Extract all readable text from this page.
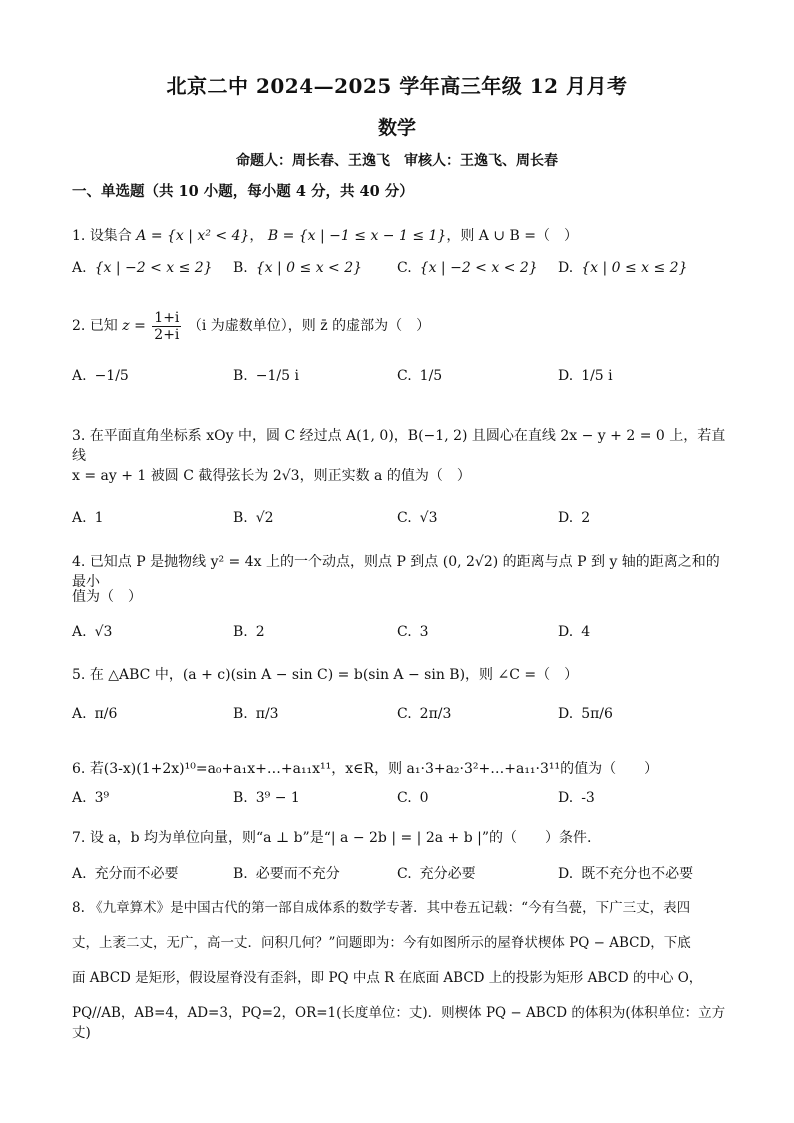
北京二中 2024—2025 学年高三年级 12 月月考
数学
命题人：周长春、王逸飞　审核人：王逸飞、周长春
一、单选题（共 10 小题，每小题 4 分，共 40 分）
1. 设集合 A = {x | x² < 4}， B = {x | −1 ≤ x − 1 ≤ 1}，则 A ∪ B =（　）
A. {x | −2 < x ≤ 2} B. {x | 0 ≤ x < 2} C. {x | −2 < x < 2} D. {x | 0 ≤ x ≤ 2}
2. 已知 $z = \frac{1+i}{2+i} (i$ 为虚数单位），则 z̄ 的虚部为（　）
A. −1/5	B. −1/5 i	C. 1/5	D. 1/5 i
3. 在平面直角坐标系 xOy 中，圆 C 经过点 A(1, 0)，B(−1, 2) 且圆心在直线 2x − y + 2 = 0 上，若直线
x = ay + 1 被圆 C 截得弦长为 2√3，则正实数 a 的值为（　）
A. 1	B. √2	C. √3	D. 2
4. 已知点 P 是抛物线 y² = 4x 上的一个动点，则点 P 到点 (0, 2√2) 的距离与点 P 到 y 轴的距离之和的最小
值为（　）
A. √3	B. 2	C. 3	D. 4
5. 在 △ABC 中，(a + c)(sin A − sin C) = b(sin A − sin B)，则 ∠C =（　）
A. π/6	B. π/3	C. 2π/3	D. 5π/6
6. 若(3-x)(1+2x)¹⁰=a₀+a₁x+…+a₁₁x¹¹，x∈R，则 a₁·3+a₂·3²+…+a₁₁·3¹¹的值为（　　）
A. 3⁹	B. 3⁹ − 1	C. 0	D. -3
7. 设 a，b 均为单位向量，则“a ⊥ b”是“| a − 2b | = | 2a + b |”的（　　）条件.
A. 充分而不必要	B. 必要而不充分	C. 充分必要	D. 既不充分也不必要
8. 《九章算术》是中国古代的第一部自成体系的数学专著．其中卷五记载：“今有刍甍，下广三丈，表四
丈，上袤二丈，无广，高一丈．问积几何？”问题即为：今有如图所示的屋脊状楔体 PQ − ABCD，下底
面 ABCD 是矩形，假设屋脊没有歪斜，即 PQ 中点 R 在底面 ABCD 上的投影为矩形 ABCD 的中心 O，
PQ//AB，AB=4，AD=3，PQ=2，OR=1(长度单位：丈)．则楔体 PQ − ABCD 的体积为(体积单位：立方丈)
